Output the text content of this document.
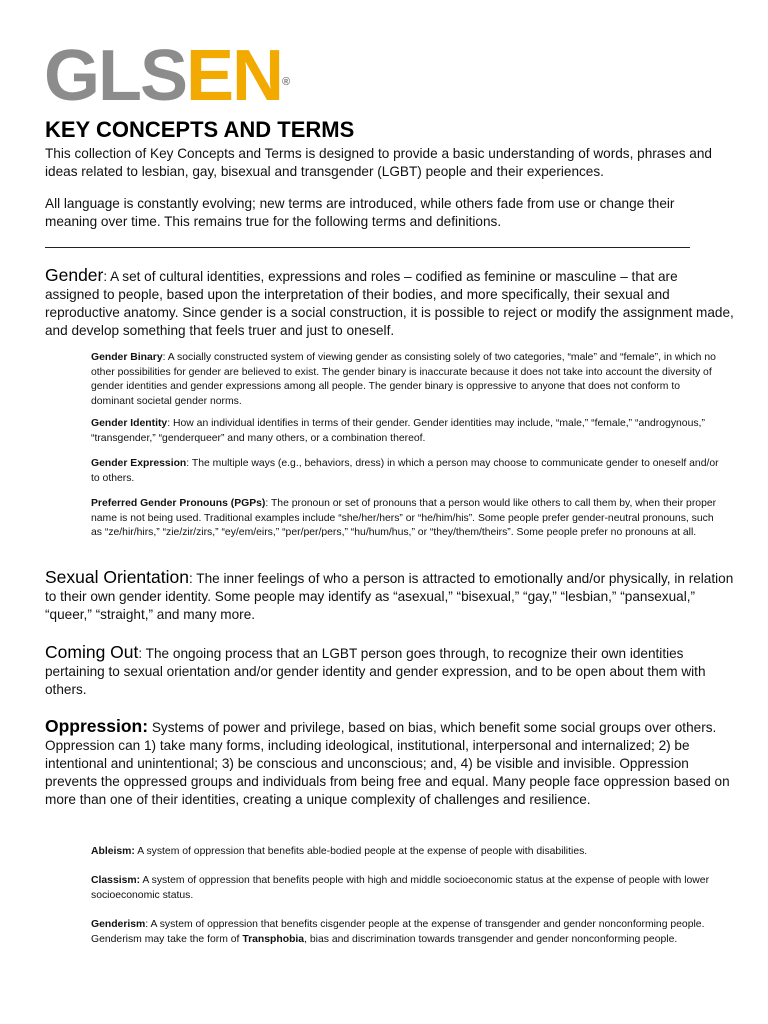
GLSEN®
KEY CONCEPTS AND TERMS

This collection of Key Concepts and Terms is designed to provide a basic understanding of words, phrases and ideas related to lesbian, gay, bisexual and transgender (LGBT) people and their experiences.

All language is constantly evolving; new terms are introduced, while others fade from use or change their meaning over time. This remains true for the following terms and definitions.

Gender: A set of cultural identities, expressions and roles – codified as feminine or masculine – that are assigned to people, based upon the interpretation of their bodies, and more specifically, their sexual and reproductive anatomy. Since gender is a social construction, it is possible to reject or modify the assignment made, and develop something that feels truer and just to oneself.

Gender Binary: A socially constructed system of viewing gender as consisting solely of two categories, “male” and “female”, in which no other possibilities for gender are believed to exist. The gender binary is inaccurate because it does not take into account the diversity of gender identities and gender expressions among all people. The gender binary is oppressive to anyone that does not conform to dominant societal gender norms.

Gender Identity: How an individual identifies in terms of their gender. Gender identities may include, “male,” “female,” “androgynous,” “transgender,” “genderqueer” and many others, or a combination thereof.

Gender Expression: The multiple ways (e.g., behaviors, dress) in which a person may choose to communicate gender to oneself and/or to others.

Preferred Gender Pronouns (PGPs): The pronoun or set of pronouns that a person would like others to call them by, when their proper name is not being used. Traditional examples include “she/her/hers” or “he/him/his”. Some people prefer gender-neutral pronouns, such as “ze/hir/hirs,” “zie/zir/zirs,” “ey/em/eirs,” “per/per/pers,” “hu/hum/hus,” or “they/them/theirs”. Some people prefer no pronouns at all.

Sexual Orientation: The inner feelings of who a person is attracted to emotionally and/or physically, in relation to their own gender identity. Some people may identify as “asexual,” “bisexual,” “gay,” “lesbian,” “pansexual,” “queer,” “straight,” and many more.

Coming Out: The ongoing process that an LGBT person goes through, to recognize their own identities pertaining to sexual orientation and/or gender identity and gender expression, and to be open about them with others.

Oppression: Systems of power and privilege, based on bias, which benefit some social groups over others. Oppression can 1) take many forms, including ideological, institutional, interpersonal and internalized; 2) be intentional and unintentional; 3) be conscious and unconscious; and, 4) be visible and invisible. Oppression prevents the oppressed groups and individuals from being free and equal. Many people face oppression based on more than one of their identities, creating a unique complexity of challenges and resilience.

Ableism: A system of oppression that benefits able-bodied people at the expense of people with disabilities.

Classism: A system of oppression that benefits people with high and middle socioeconomic status at the expense of people with lower socioeconomic status.

Genderism: A system of oppression that benefits cisgender people at the expense of transgender and gender nonconforming people. Genderism may take the form of Transphobia, bias and discrimination towards transgender and gender nonconforming people.
